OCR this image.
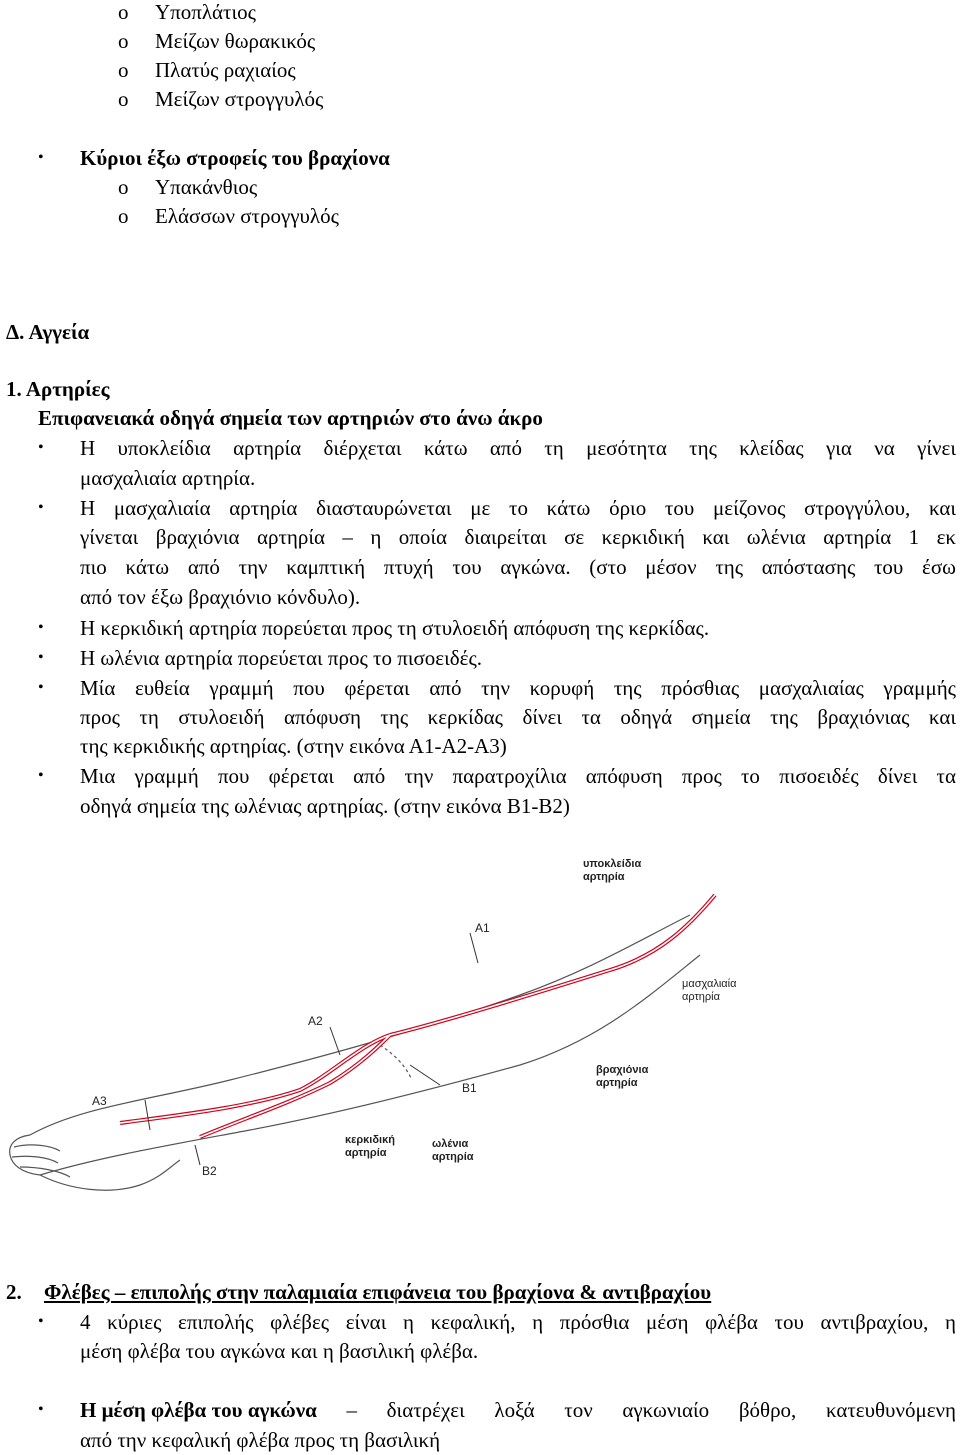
o Υποπλάτιος
o Μείζων θωρακικός
o Πλατύς ραχιαίος
o Μείζων στρογγυλός
• Κύριοι έξω στροφείς του βραχίονα
o Υπακάνθιος
o Ελάσσων στρογγυλός
Δ. Αγγεία
1. Αρτηρίες
Επιφανειακά οδηγά σημεία των αρτηριών στο άνω άκρο
• Η υποκλείδια αρτηρία διέρχεται κάτω από τη μεσότητα της κλείδας για να γίνει
μασχαλιαία αρτηρία.
• Η μασχαλιαία αρτηρία διασταυρώνεται με το κάτω όριο του μείζονος στρογγύλου, και
γίνεται βραχιόνια αρτηρία – η οποία διαιρείται σε κερκιδική και ωλένια αρτηρία 1 εκ
πιο κάτω από την καμπτική πτυχή του αγκώνα. (στο μέσον της απόστασης του έσω
από τον έξω βραχιόνιο κόνδυλο).
• Η κερκιδική αρτηρία πορεύεται προς τη στυλοειδή απόφυση της κερκίδας.
• Η ωλένια αρτηρία πορεύεται προς το πισοειδές.
• Μία ευθεία γραμμή που φέρεται από την κορυφή της πρόσθιας μασχαλιαίας γραμμής
προς τη στυλοειδή απόφυση της κερκίδας δίνει τα οδηγά σημεία της βραχιόνιας και
της κερκιδικής αρτηρίας. (στην εικόνα Α1-Α2-Α3)
• Μια γραμμή που φέρεται από την παρατροχίλια απόφυση προς το πισοειδές δίνει τα
οδηγά σημεία της ωλένιας αρτηρίας. (στην εικόνα Β1-Β2)
υποκλείδια
αρτηρία
μασχαλιαία
αρτηρία
βραχιόνια
αρτηρία
κερκιδική
αρτηρία
ωλένια
αρτηρία
A1
A2
A3
B1
B2
2. Φλέβες – επιπολής στην παλαμιαία επιφάνεια του βραχίονα & αντιβραχίου
• 4 κύριες επιπολής φλέβες είναι η κεφαλική, η πρόσθια μέση φλέβα του αντιβραχίου, η
μέση φλέβα του αγκώνα και η βασιλική φλέβα.
• Η μέση φλέβα του αγκώνα – διατρέχει λοξά τον αγκωνιαίο βόθρο, κατευθυνόμενη
από την κεφαλική φλέβα προς τη βασιλική
